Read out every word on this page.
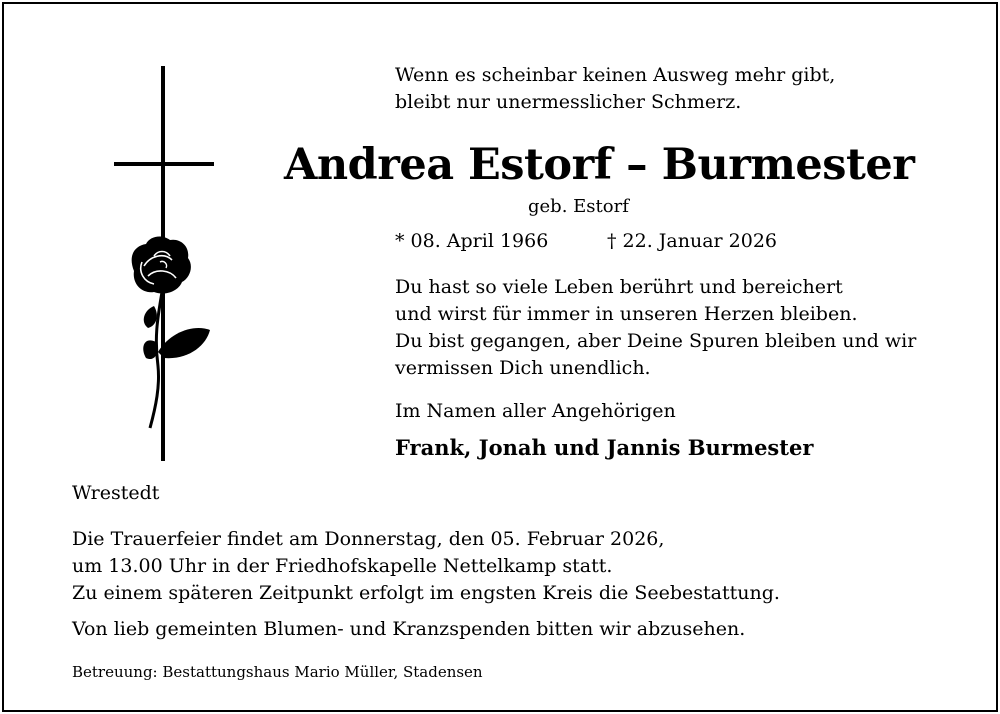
Wenn es scheinbar keinen Ausweg mehr gibt,
bleibt nur unermesslicher Schmerz.
Andrea Estorf – Burmester
geb. Estorf
* 08. April 1966	† 22. Januar 2026
Du hast so viele Leben berührt und bereichert
und wirst für immer in unseren Herzen bleiben.
Du bist gegangen, aber Deine Spuren bleiben und wir
vermissen Dich unendlich.
Im Namen aller Angehörigen
Frank, Jonah und Jannis Burmester
Wrestedt
Die Trauerfeier findet am Donnerstag, den 05. Februar 2026,
um 13.00 Uhr in der Friedhofskapelle Nettelkamp statt.
Zu einem späteren Zeitpunkt erfolgt im engsten Kreis die Seebestattung.
Von lieb gemeinten Blumen- und Kranzspenden bitten wir abzusehen.
Betreuung: Bestattungshaus Mario Müller, Stadensen
